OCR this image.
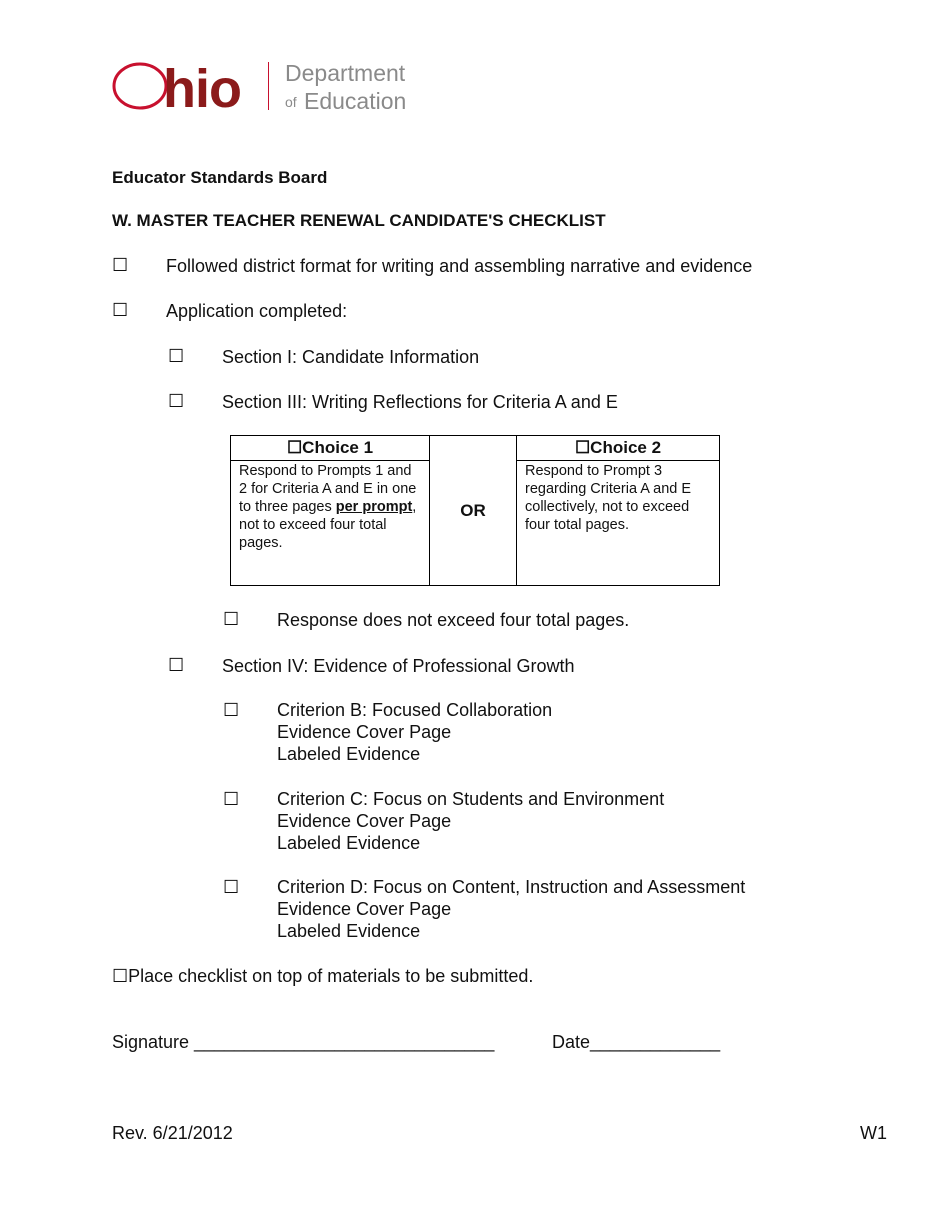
hio Department
of Education
Educator Standards Board
W. MASTER TEACHER RENEWAL CANDIDATE'S CHECKLIST
☐ Followed district format for writing and assembling narrative and evidence
☐ Application completed:
☐ Section I: Candidate Information
☐ Section III: Writing Reflections for Criteria A and E
☐Choice 1	OR	☐Choice 2

Respond to Prompts 1 and 2 for Criteria A and E in one to three pages per prompt, not to exceed four total pages.		Respond to Prompt 3 regarding Criteria A and E collectively, not to exceed four total pages.
☐ Response does not exceed four total pages.
☐ Section IV: Evidence of Professional Growth
☐ Criterion B: Focused Collaboration
Evidence Cover Page
Labeled Evidence
☐ Criterion C: Focus on Students and Environment
Evidence Cover Page
Labeled Evidence
☐ Criterion D: Focus on Content, Instruction and Assessment
Evidence Cover Page
Labeled Evidence
☐Place checklist on top of materials to be submitted.
Signature ______________________________	Date_____________
Rev. 6/21/2012	W1
